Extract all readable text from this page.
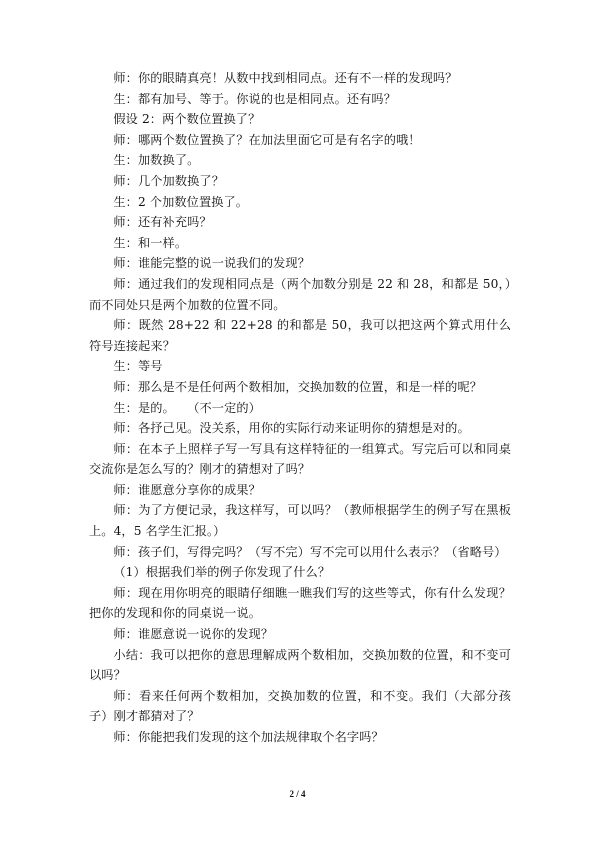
师：你的眼睛真亮！从数中找到相同点。还有不一样的发现吗？

生：都有加号、等于。你说的也是相同点。还有吗？

假设 2：两个数位置换了？

师：哪两个数位置换了？在加法里面它可是有名字的哦！

生：加数换了。

师：几个加数换了？

生：2 个加数位置换了。

师：还有补充吗？

生：和一样。

师：谁能完整的说一说我们的发现？

师：通过我们的发现相同点是（两个加数分别是 22 和 28，和都是 50，）而不同处只是两个加数的位置不同。

师：既然 28+22 和 22+28 的和都是 50，我可以把这两个算式用什么符号连接起来？

生：等号

师：那么是不是任何两个数相加，交换加数的位置，和是一样的呢？

生：是的。　　（不一定的）

师：各抒己见。没关系，用你的实际行动来证明你的猜想是对的。

师：在本子上照样子写一写具有这样特征的一组算式。写完后可以和同桌交流你是怎么写的？刚才的猜想对了吗？

师：谁愿意分享你的成果？

师：为了方便记录，我这样写，可以吗？（教师根据学生的例子写在黑板上。4，5 名学生汇报。）

师：孩子们，写得完吗？（写不完）写不完可以用什么表示？（省略号）

（1）根据我们举的例子你发现了什么？

师：现在用你明亮的眼睛仔细瞧一瞧我们写的这些等式，你有什么发现？把你的发现和你的同桌说一说。

师：谁愿意说一说你的发现？

小结：我可以把你的意思理解成两个数相加，交换加数的位置，和不变可以吗？

师：看来任何两个数相加，交换加数的位置，和不变。我们（大部分孩子）刚才都猜对了？

师：你能把我们发现的这个加法规律取个名字吗？

2 / 4
